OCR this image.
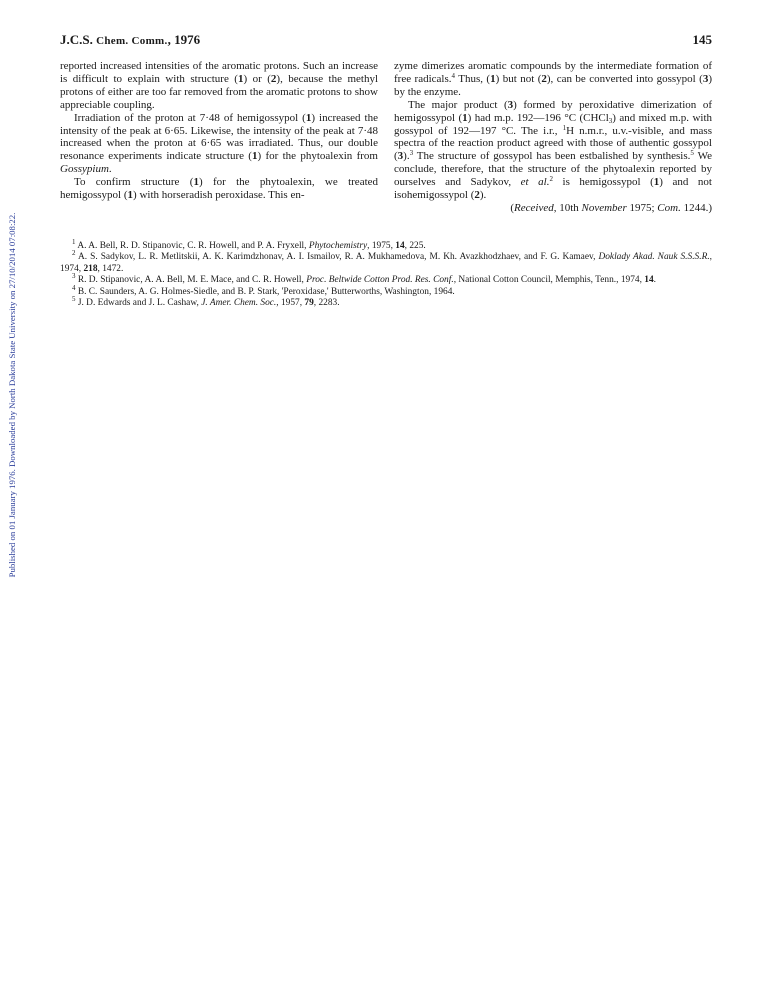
Published on 01 January 1976. Downloaded by North Dakota State University on 27/10/2014 07:08:22.
J.C.S. Chem. Comm., 1976	145

reported increased intensities of the aromatic protons. Such an increase is difficult to explain with structure (1) or (2), because the methyl protons of either are too far removed from the aromatic protons to show appreciable coupling.

Irradiation of the proton at 7·48 of hemigossypol (1) increased the intensity of the peak at 6·65. Likewise, the intensity of the peak at 7·48 increased when the proton at 6·65 was irradiated. Thus, our double resonance experiments indicate structure (1) for the phytoalexin from Gossypium.

To confirm structure (1) for the phytoalexin, we treated hemigossypol (1) with horseradish peroxidase. This en-

zyme dimerizes aromatic compounds by the intermediate formation of free radicals.$^4$ Thus, (1) but not (2), can be converted into gossypol (3) by the enzyme.

The major product (3) formed by peroxidative dimerization of hemigossypol (1) had m.p. 192—196 °C (CHCl$_3$) and mixed m.p. with gossypol of 192—197 °C. The i.r., $^1$H n.m.r., u.v.-visible, and mass spectra of the reaction product agreed with those of authentic gossypol (3).$^3$ The structure of gossypol has been estbalished by synthesis.$^5$ We conclude, therefore, that the structure of the phytoalexin reported by ourselves and Sadykov, et al.$^2$ is hemigossypol (1) and not isohemigossypol (2).

(Received, 10th November 1975; Com. 1244.)

$^1$ A. A. Bell, R. D. Stipanovic, C. R. Howell, and P. A. Fryxell, Phytochemistry, 1975, 14, 225.

$^2$ A. S. Sadykov, L. R. Metlitskii, A. K. Karimdzhonav, A. I. Ismailov, R. A. Mukhamedova, M. Kh. Avazkhodzhaev, and F. G. Kamaev, Doklady Akad. Nauk S.S.S.R., 1974, 218, 1472.

$^3$ R. D. Stipanovic, A. A. Bell, M. E. Mace, and C. R. Howell, Proc. Beltwide Cotton Prod. Res. Conf., National Cotton Council, Memphis, Tenn., 1974, 14.

$^4$ B. C. Saunders, A. G. Holmes-Siedle, and B. P. Stark, 'Peroxidase,' Butterworths, Washington, 1964.

$^5$ J. D. Edwards and J. L. Cashaw, J. Amer. Chem. Soc., 1957, 79, 2283.
